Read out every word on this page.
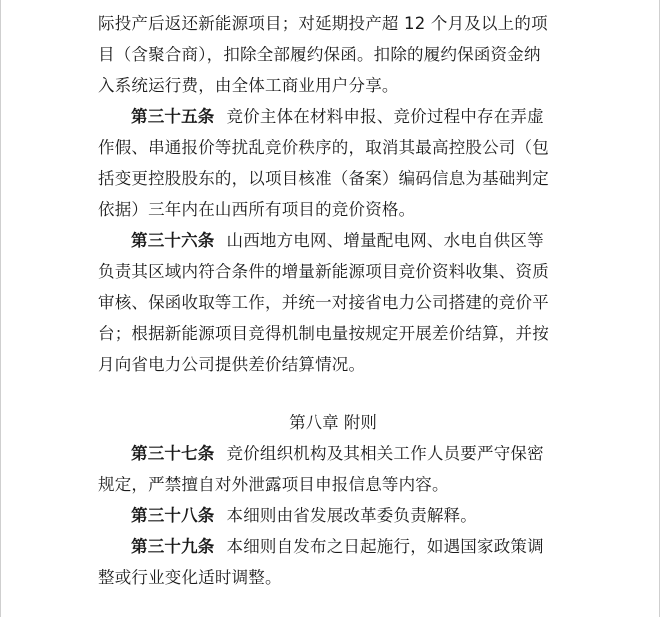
际投产后返还新能源项目；对延期投产超 12 个月及以上的项
目（含聚合商），扣除全部履约保函。扣除的履约保函资金纳
入系统运行费，由全体工商业用户分享。
第三十五条 竞价主体在材料申报、竞价过程中存在弄虚
作假、串通报价等扰乱竞价秩序的，取消其最高控股公司（包
括变更控股股东的，以项目核准（备案）编码信息为基础判定
依据）三年内在山西所有项目的竞价资格。
第三十六条 山西地方电网、增量配电网、水电自供区等
负责其区域内符合条件的增量新能源项目竞价资料收集、资质
审核、保函收取等工作，并统一对接省电力公司搭建的竞价平
台；根据新能源项目竞得机制电量按规定开展差价结算，并按
月向省电力公司提供差价结算情况。
第八章 附则
第三十七条 竞价组织机构及其相关工作人员要严守保密
规定，严禁擅自对外泄露项目申报信息等内容。
第三十八条 本细则由省发展改革委负责解释。
第三十九条 本细则自发布之日起施行，如遇国家政策调
整或行业变化适时调整。
